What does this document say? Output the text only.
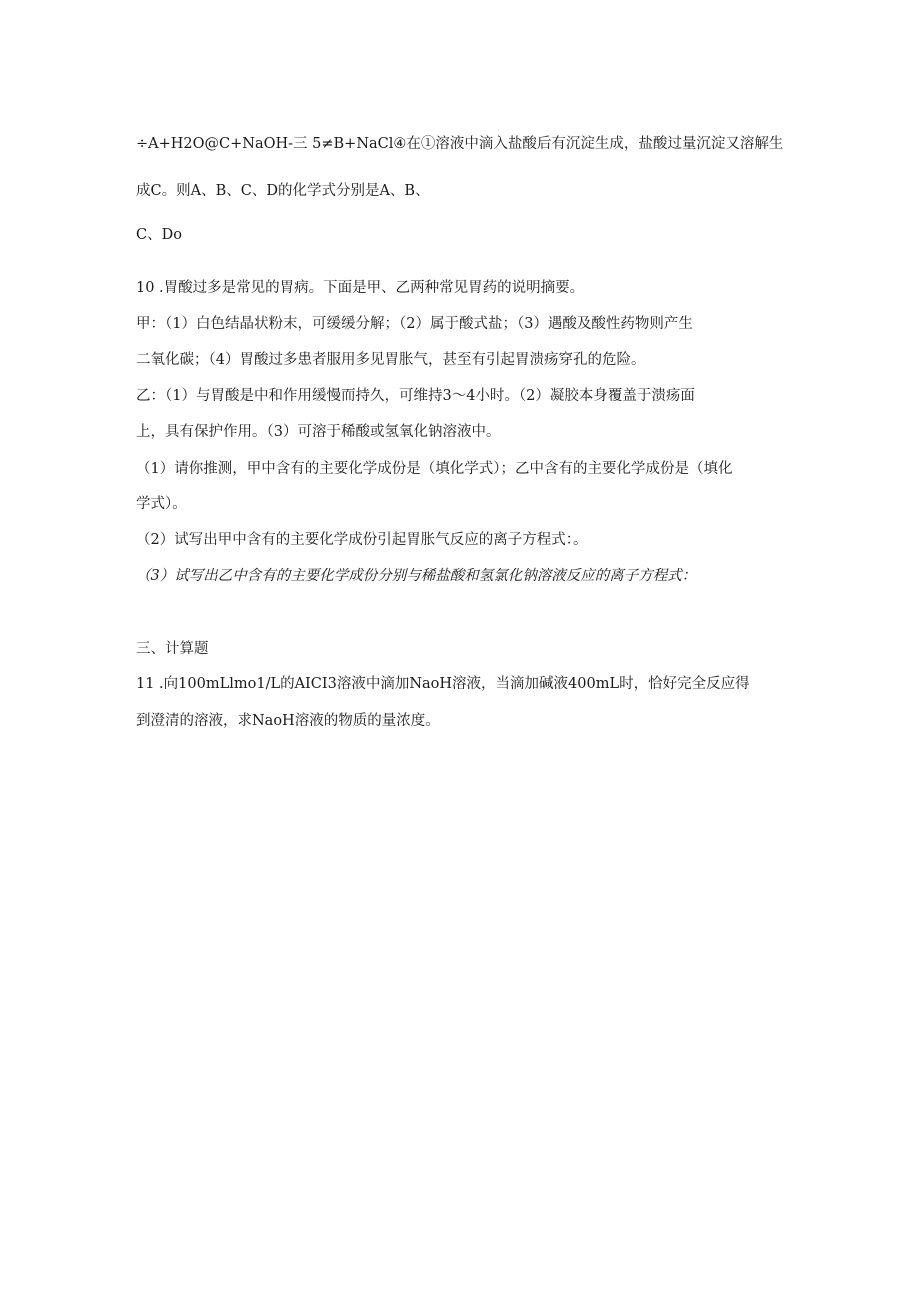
÷A+H2O@C+NaOH-三 5≠B+NaCl④在①溶液中滴入盐酸后有沉淀生成，盐酸过量沉淀又溶解生
成C。则A、B、C、D的化学式分别是A、B、
C、Do
10 .胃酸过多是常见的胃病。下面是甲、乙两种常见胃药的说明摘要。
甲：（1）白色结晶状粉末，可缓缓分解；（2）属于酸式盐；（3）遇酸及酸性药物则产生
二氧化碳；（4）胃酸过多患者服用多见胃胀气，甚至有引起胃溃疡穿孔的危险。
乙：（1）与胃酸是中和作用缓慢而持久，可维持3～4小时。（2）凝胶本身覆盖于溃疡面
上，具有保护作用。（3）可溶于稀酸或氢氧化钠溶液中。
（1）请你推测，甲中含有的主要化学成份是（填化学式）；乙中含有的主要化学成份是（填化
学式）。
（2）试写出甲中含有的主要化学成份引起胃胀气反应的离子方程式：。
（3）试写出乙中含有的主要化学成份分别与稀盐酸和氢氯化钠溶液反应的离子方程式：
三、计算题
11 .向100mLlmo1/L的AICI3溶液中滴加NaoH溶液，当滴加碱液400mL时，恰好完全反应得
到澄清的溶液，求NaoH溶液的物质的量浓度。
